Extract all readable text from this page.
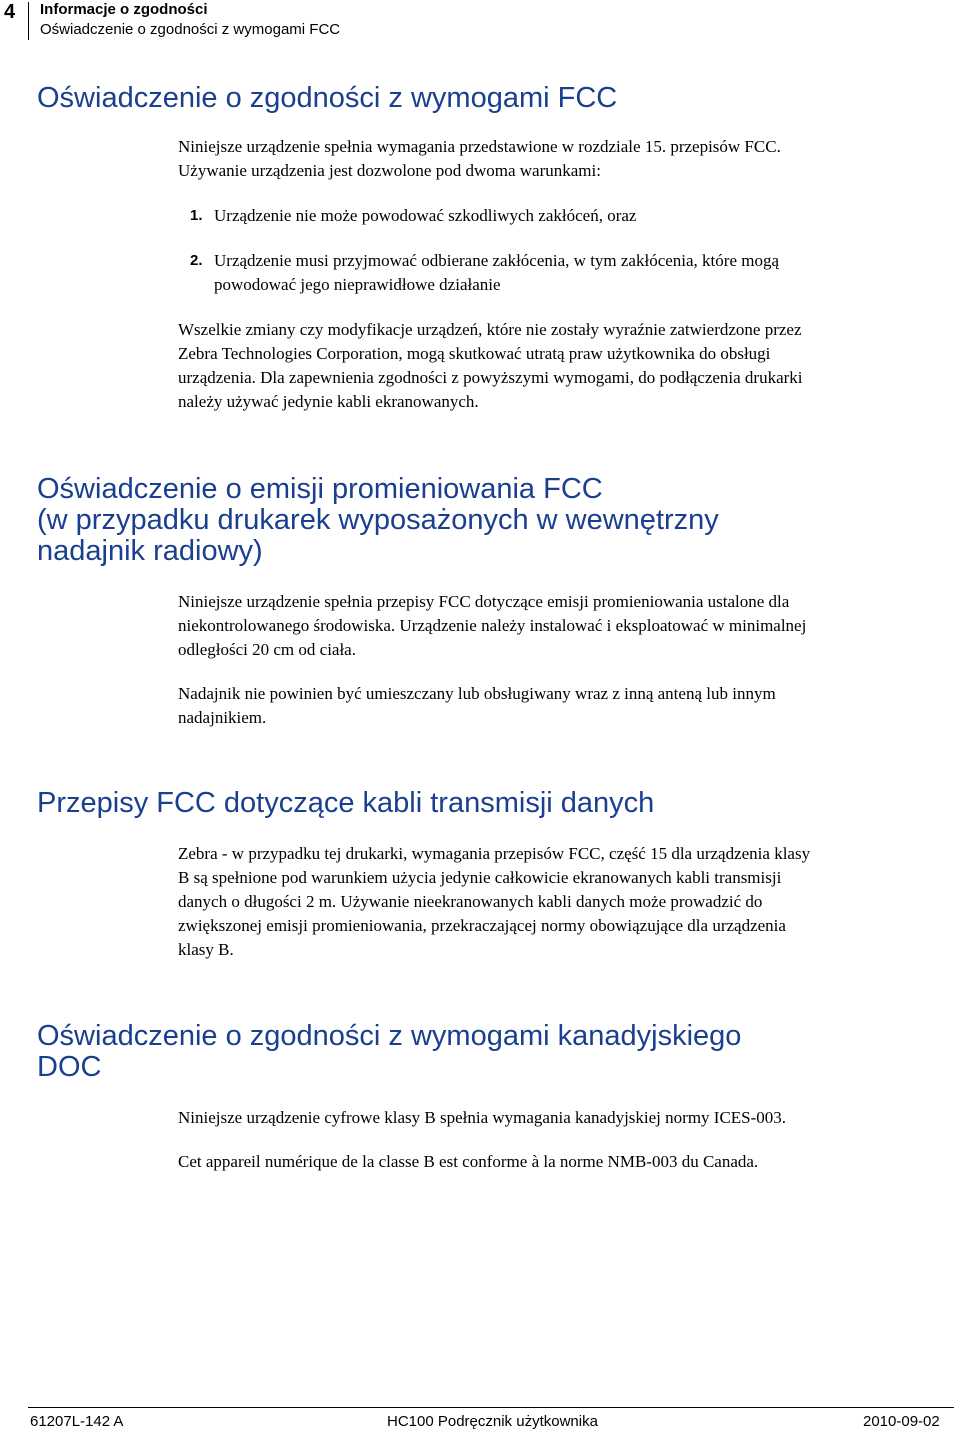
4 Informacje o zgodności
Oświadczenie o zgodności z wymogami FCC
Oświadczenie o zgodności z wymogami FCC

Niniejsze urządzenie spełnia wymagania przedstawione w rozdziale 15. przepisów FCC.
Używanie urządzenia jest dozwolone pod dwoma warunkami:

1. Urządzenie nie może powodować szkodliwych zakłóceń, oraz
2. Urządzenie musi przyjmować odbierane zakłócenia, w tym zakłócenia, które mogą
powodować jego nieprawidłowe działanie

Wszelkie zmiany czy modyfikacje urządzeń, które nie zostały wyraźnie zatwierdzone przez
Zebra Technologies Corporation, mogą skutkować utratą praw użytkownika do obsługi
urządzenia. Dla zapewnienia zgodności z powyższymi wymogami, do podłączenia drukarki
należy używać jedynie kabli ekranowanych.

Oświadczenie o emisji promieniowania FCC
(w przypadku drukarek wyposażonych w wewnętrzny
nadajnik radiowy)

Niniejsze urządzenie spełnia przepisy FCC dotyczące emisji promieniowania ustalone dla
niekontrolowanego środowiska. Urządzenie należy instalować i eksploatować w minimalnej
odległości 20 cm od ciała.

Nadajnik nie powinien być umieszczany lub obsługiwany wraz z inną anteną lub innym
nadajnikiem.

Przepisy FCC dotyczące kabli transmisji danych

Zebra - w przypadku tej drukarki, wymagania przepisów FCC, część 15 dla urządzenia klasy
B są spełnione pod warunkiem użycia jedynie całkowicie ekranowanych kabli transmisji
danych o długości 2 m. Używanie nieekranowanych kabli danych może prowadzić do
zwiększonej emisji promieniowania, przekraczającej normy obowiązujące dla urządzenia
klasy B.

Oświadczenie o zgodności z wymogami kanadyjskiego
DOC

Niniejsze urządzenie cyfrowe klasy B spełnia wymagania kanadyjskiej normy ICES-003.

Cet appareil numérique de la classe B est conforme à la norme NMB-003 du Canada.

61207L-142 A	HC100 Podręcznik użytkownika	2010-09-02
